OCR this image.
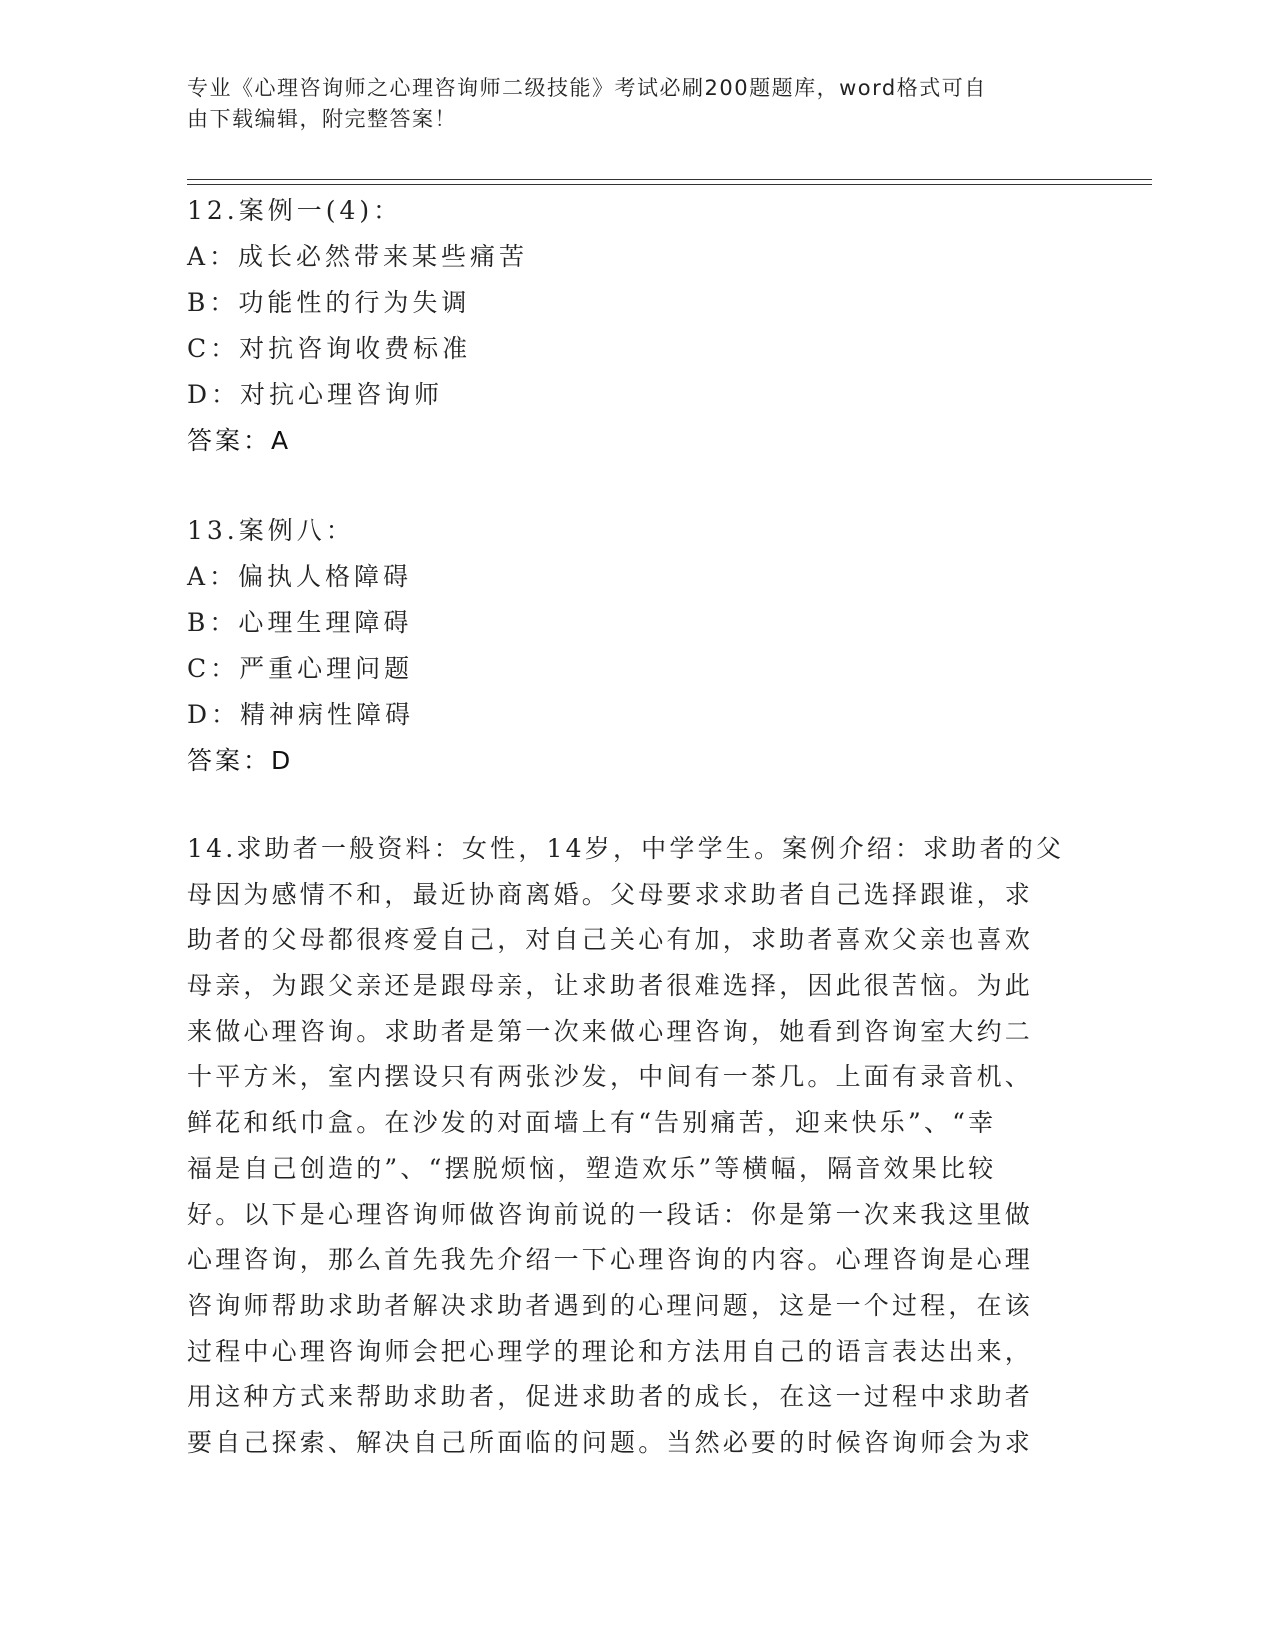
专业《心理咨询师之心理咨询师二级技能》考试必刷200题题库，word格式可自
由下载编辑，附完整答案！
12.案例一(4)：
A：成长必然带来某些痛苦
B：功能性的行为失调
C：对抗咨询收费标准
D：对抗心理咨询师
答案：A
13.案例八：
A：偏执人格障碍
B：心理生理障碍
C：严重心理问题
D：精神病性障碍
答案：D
14.求助者一般资料：女性，14岁，中学学生。案例介绍：求助者的父
母因为感情不和，最近协商离婚。父母要求求助者自己选择跟谁，求
助者的父母都很疼爱自己，对自己关心有加，求助者喜欢父亲也喜欢
母亲，为跟父亲还是跟母亲，让求助者很难选择，因此很苦恼。为此
来做心理咨询。求助者是第一次来做心理咨询，她看到咨询室大约二
十平方米，室内摆设只有两张沙发，中间有一茶几。上面有录音机、
鲜花和纸巾盒。在沙发的对面墙上有“告别痛苦，迎来快乐”、“幸
福是自己创造的”、“摆脱烦恼，塑造欢乐”等横幅，隔音效果比较
好。以下是心理咨询师做咨询前说的一段话：你是第一次来我这里做
心理咨询，那么首先我先介绍一下心理咨询的内容。心理咨询是心理
咨询师帮助求助者解决求助者遇到的心理问题，这是一个过程，在该
过程中心理咨询师会把心理学的理论和方法用自己的语言表达出来，
用这种方式来帮助求助者，促进求助者的成长，在这一过程中求助者
要自己探索、解决自己所面临的问题。当然必要的时候咨询师会为求
